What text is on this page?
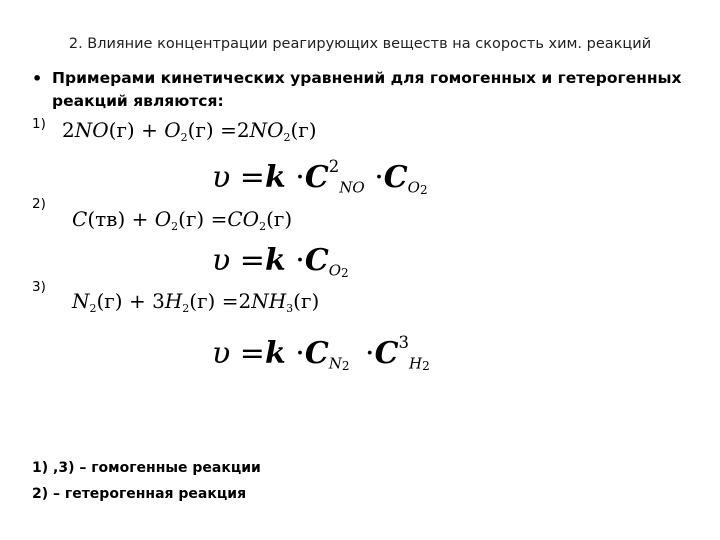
2. Влияние концентрации реагирующих веществ на скорость хим. реакций
• Примерами кинетических уравнений для гомогенных и гетерогенных реакций являются:
1) $2NO(г) + O_2(г) =2NO_2(г)$
$\upsilon =k \cdot C^2NO \cdot CO_2$
2)
$C(тв) + O_2(г) =CO_2(г)$
$\upsilon =k \cdot CO_2$
3)
$N_2(г) + 3H_2(г) =2NH_3(г)$
$\upsilon =k \cdot CN_2 \cdot C^3H_2$
1) ,3) – гомогенные реакции
2) – гетерогенная реакция
